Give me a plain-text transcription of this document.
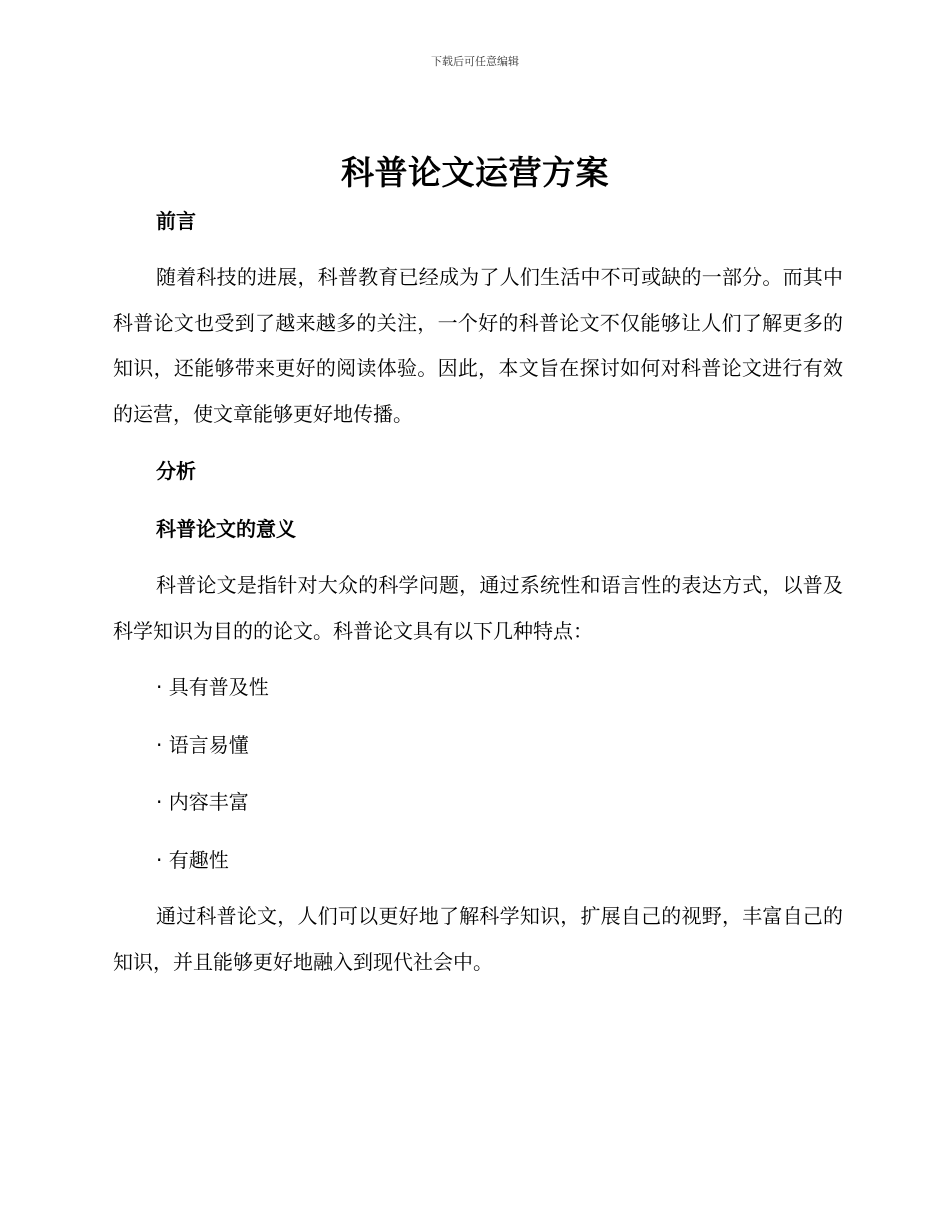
下载后可任意编辑
科普论文运营方案
前言

随着科技的进展，科普教育已经成为了人们生活中不可或缺的一部分。而其中科普论文也受到了越来越多的关注，一个好的科普论文不仅能够让人们了解更多的知识，还能够带来更好的阅读体验。因此，本文旨在探讨如何对科普论文进行有效的运营，使文章能够更好地传播。

分析
科普论文的意义

科普论文是指针对大众的科学问题，通过系统性和语言性的表达方式，以普及科学知识为目的的论文。科普论文具有以下几种特点：

· 具有普及性
· 语言易懂
· 内容丰富
· 有趣性

通过科普论文，人们可以更好地了解科学知识，扩展自己的视野，丰富自己的知识，并且能够更好地融入到现代社会中。
